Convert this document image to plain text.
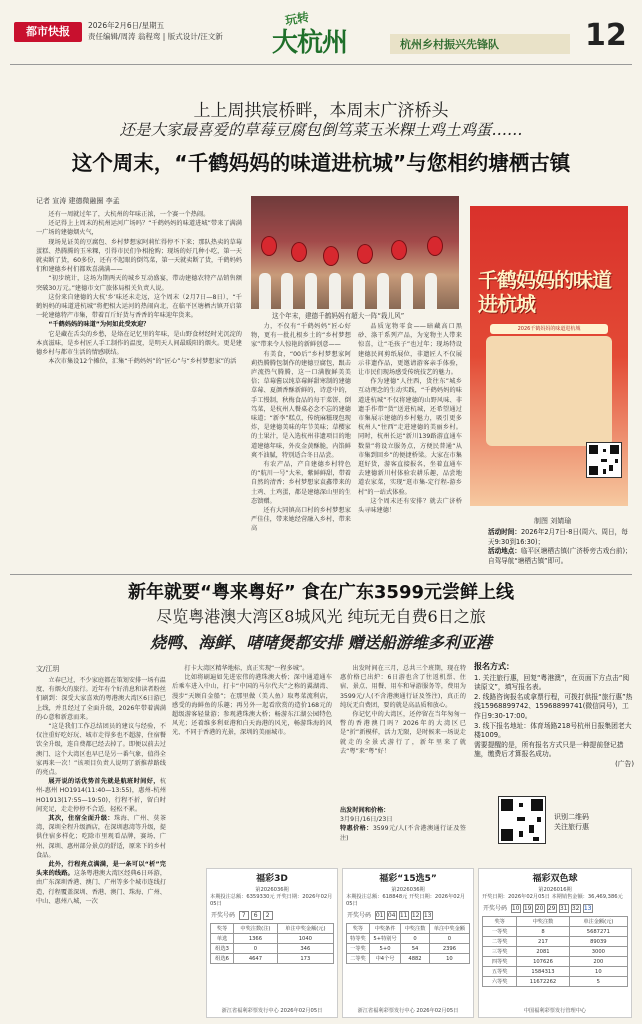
都市快报	2026年2月6日/星期五
责任编辑/周涛 翁程鸾 | 版式设计/汪文新
玩转
大杭州	杭州乡村振兴先锋队	12
上上周拱宸桥畔，本周末广济桥头
还是大家最喜爱的草莓豆腐包倒笃菜玉米粿土鸡土鸡蛋……
这个周末，“千鹤妈妈的味道进杭城”与您相约塘栖古镇
记者 宣涛 建德微融圈 李孟

还有一周就过年了，大杭州的年味正浓，一个赛一个热闹。

还记得上上周末的杭州运河广场吗？“千鹤妈妈的味道进城”带来了满满一广场的建德烟火气，

现场见证美的豆腐包、乡村梦想家阿莉忙得停不下来；那队热卖的草莓蛋糕、热腾腾的玉米粿，引得市民们争相抢购；现场的好几种小吃，第一天就卖断了货，60多份，还有不起眼的倒笃菜，第一天就卖断了货，千鹤妈妈们和建德乡村们都欢喜满满——

“初步统计，这场为期两天的城乡互动盛宴，带动建德农特产品销售额突破30万元。”建德市文广旅体局相关负责人说。

这份来自建德的大杭‘乡’味还未走远，这个周末（2月7日—8日），“千鹤妈妈的味道进杭城”将把相大运河的热闹向北，在临平区塘栖古镇开启第一轮建德特产市集，带着百斤好货与香香的年味迎年货来。

“千鹤妈妈的味道”为何如此受欢迎？

它是藏在舌尖的乡愁，是烙在记忆里的年味，是山野食材经时光沉淀的本真滋味，是乡村匠人手工制作的温度，是明天人间最暖阳的烟火。更是建德乡村与都市生活的情感联结。

本次市集设12个摊位，汇集“千鹤妈妈”的“匠心”与“乡村梦想家”的活

这个年末，建德千鹤妈妈有超大一阵“栽儿风”

力，不仅有“千鹤妈妈”匠心好物，更有一批扎根乡土的“乡村梦想家”带来令人惊艳的新鲜创意——

有美食，“00后”乡村梦想家阿莉热腾腾包制作的建德豆腐包，跟击庐流热气腾腾，这一口满腹鲜美美倍；草莓酱以纯草莓鲜甜寒制的建德草莓、夏颜香酥新鲜的，诗意中的，手工慢制，秋梅食品的每干菜饼、倒笃菜，是杭州人餐桌必念不忘的建德味道；“新李”糕点，传统麻糍现包现炸，是建德美味的年节美味；草樱家的土果汁，是入选杭州非遗项目的地道建德年味，外皮金黄酥脆，内馅鲜爽不油腻，特别适合冬日品尝。

有农产品，产自建德乡村特色的“航川一号”大米，紫鲜鲜甜，带着自然的清香；乡村梦想家袁鑫带来的土鸡、土鸡蛋，都是建德深山里的生态馈赠。

还有大同镇高口村的乡村梦想家严佳佳，带来她经营融入乡村，带来高

品质宠物零食——暗藏高口黑砂、涤干系列产品，为宠物主人带来惊喜，让“毛孩子”也过年；现场特设建德民间剪纸展位，非遗匠人不仅展示非遗作品，更邀请游客亲手体验，让市民们现场感受传统技艺的魅力。

作为建德“人往西，货往东”城乡互动理念的生动实践，“千鹤妈妈的味道进杭城”不仅将建德的山野风味、非遗手作带“货”送进杭城，还希望通过市集展示建德的乡村魅力，吸引更多杭州人“往西”走进建德的美丽乡村。同时，杭州长运“新川139路游直通车数量”将设立服务点，方便民普通“从市集到回乡”的便捷桥梁。大家在市集逛好货，游客直接报名，坐着直通车去建德新川村体验农耕乐趣，品尝地道农家菜，实现“逛市集-定行程-游乡村”的一站式体验。

这个周末还有安排？就去广济桥头寻味建德！

千鹤妈妈的味道进杭城
2026千鹤妈妈的味道进杭城
制图 刘婧瑜
活动时间：2026年2月7日-8日(周六、周日，每天9:30到16:30)；
活动地点：临平区塘栖古镇(广济桥旁古戏台前)；自驾导航“塘栖古镇”即可。
新年就要“粤来粤好” 食在广东3599元尝鲜上线
尽览粤港澳大湾区8城风光 纯玩无自费6日之旅
烧鸭、海鲜、啫啫煲都安排 赠送船游维多利亚港
文/江玥

立春已过，不少家庭都在策划安排一场有温度、有烟火的旅行。近年有个好消息和读者粉丝们刷到：深受大家喜欢的粤港澳大湾区6日游已上线，并且经过了全面升级，2026年带着满满的心意和新意而来。

“这是我们工作总结团员的建议与经验，不仅注重好吃好玩、城市走得多也不超游，住宿餐饮全升级，连自费都已经去掉了。即便以前去过澳门、这个大湾区也早已是另一番气象，值得全家再来一次！”该项目负责人说明了新推荐路线的亮点。

展开说的话优势首先就是航班时间好，杭州-惠州 HO1914(11:40—13:55)，惠州-杭州 HO1913(17:55—19:50)，行程不折，留白时间充足，走走停停不合适，轻松不累。

其次，住宿全面升级：珠海、广州、莫茶湾，深圳全程升级酒店，在深圳惠湾等升级，提供住宿多样化；吃除市里观看品牌，赛场、广州、深圳、惠州部分景点的舒适，原来下的乡村食品。

此外，行程亮点满满，是一条可以“析”完头来的线路。这条粤港澳大湾区经典6日环游，由广东深圳香港、澳门、广州等多个城市连线打造，行程覆盖深圳、香港、澳门、珠海、广州、中山、惠州八城，一次

打卡大湾区精华地标，真正实现“一程多城”。

比如将刷遍如先进宏伟的港珠澳大桥；深中通道通车后乘车进入中山，打卡“中国的马尔代夫”之称的翼湖湾、漫步“天顾自金船”；在那里做（美人鱼）取粤菜流利店，感受的海鲜鱼的乐趣；再另外一起看欣赏的造价168元的超级游客轻量游；参观港珠澳大桥；畅游东江湖公园特色风光；还着维多利亚港和白天海港的风光，畅游珠海的风光、不同于香港的光景，深圳的美丽城市。

出发时间在三月，总共三个班期，现在特惠价格已出炉：6日游也含了往返机票、住宿、景点、用餐、用车和导游服务等，费用为3599元/人(不含港澳通行证及签注)，真正的纯玩无自费团，要的就是高品质和放心。

你记忆中的大湾区，还停留在当年匆匆一瞥的香港澳门吗？2026年的大湾区已是“折”新模样，活力无限，是时候来一场说走就走的全景式游行了，新年里来了就去“粤”来“粤”好！

出发时间和价格：
3月9日/16日/23日
特惠价格：3599元/人(不含港澳通行证及签注)
报名方式：
1. 关注旅行惠，回复“粤港澳”，在页面下方点击“阅读原文”，填写报名表。
2. 线路咨询报名或拿票行程，可拨打供报“旅行惠”热线15968899742、15968899741(微信同号)，工作日9:30-17:00。
3. 线下报名地址：体育场路218号杭州日报集团老大楼1009。
需要提醒的是，所有报名方式只是一种提前登记措施，缴费后才算报名成功。
(广告)
识别二维码
关注旅行惠
福彩3D
第2026036期
本期投注总额：6359330元 开奖日期：2026年02月05日
开奖号码 7 6 2
奖等	中奖注数(注)	单注中奖金额(元)
单选	1366	1040
组选3	0	346
组选6	4647	173
浙江省福利彩票发行中心 2026年02月05日
福彩“15选5”
第2026036期
本期投注总额：618848元 开奖日期：2026年02月05日
开奖号码 01 04 11 12 13
奖等	中奖条件	中奖注数	单注中奖金额
特等奖	5+特别号	0	0
一等奖	5+0	54	2396
二等奖	中4个号	4882	10
浙江省福利彩票发行中心 2026年02月05日
福彩双色球
第2026016期
开奖日期：2026年02月05日 本期销售金额：36,469,386元
开奖号码 10 19 20 29 31 32 13
奖等	中奖注数	单注金额(元)
一等奖	8	5687271
二等奖	217	89039
三等奖	2081	3000
四等奖	107626	200
五等奖	1584313	10
六等奖	11672262	5
中国福利彩票发行管理中心
